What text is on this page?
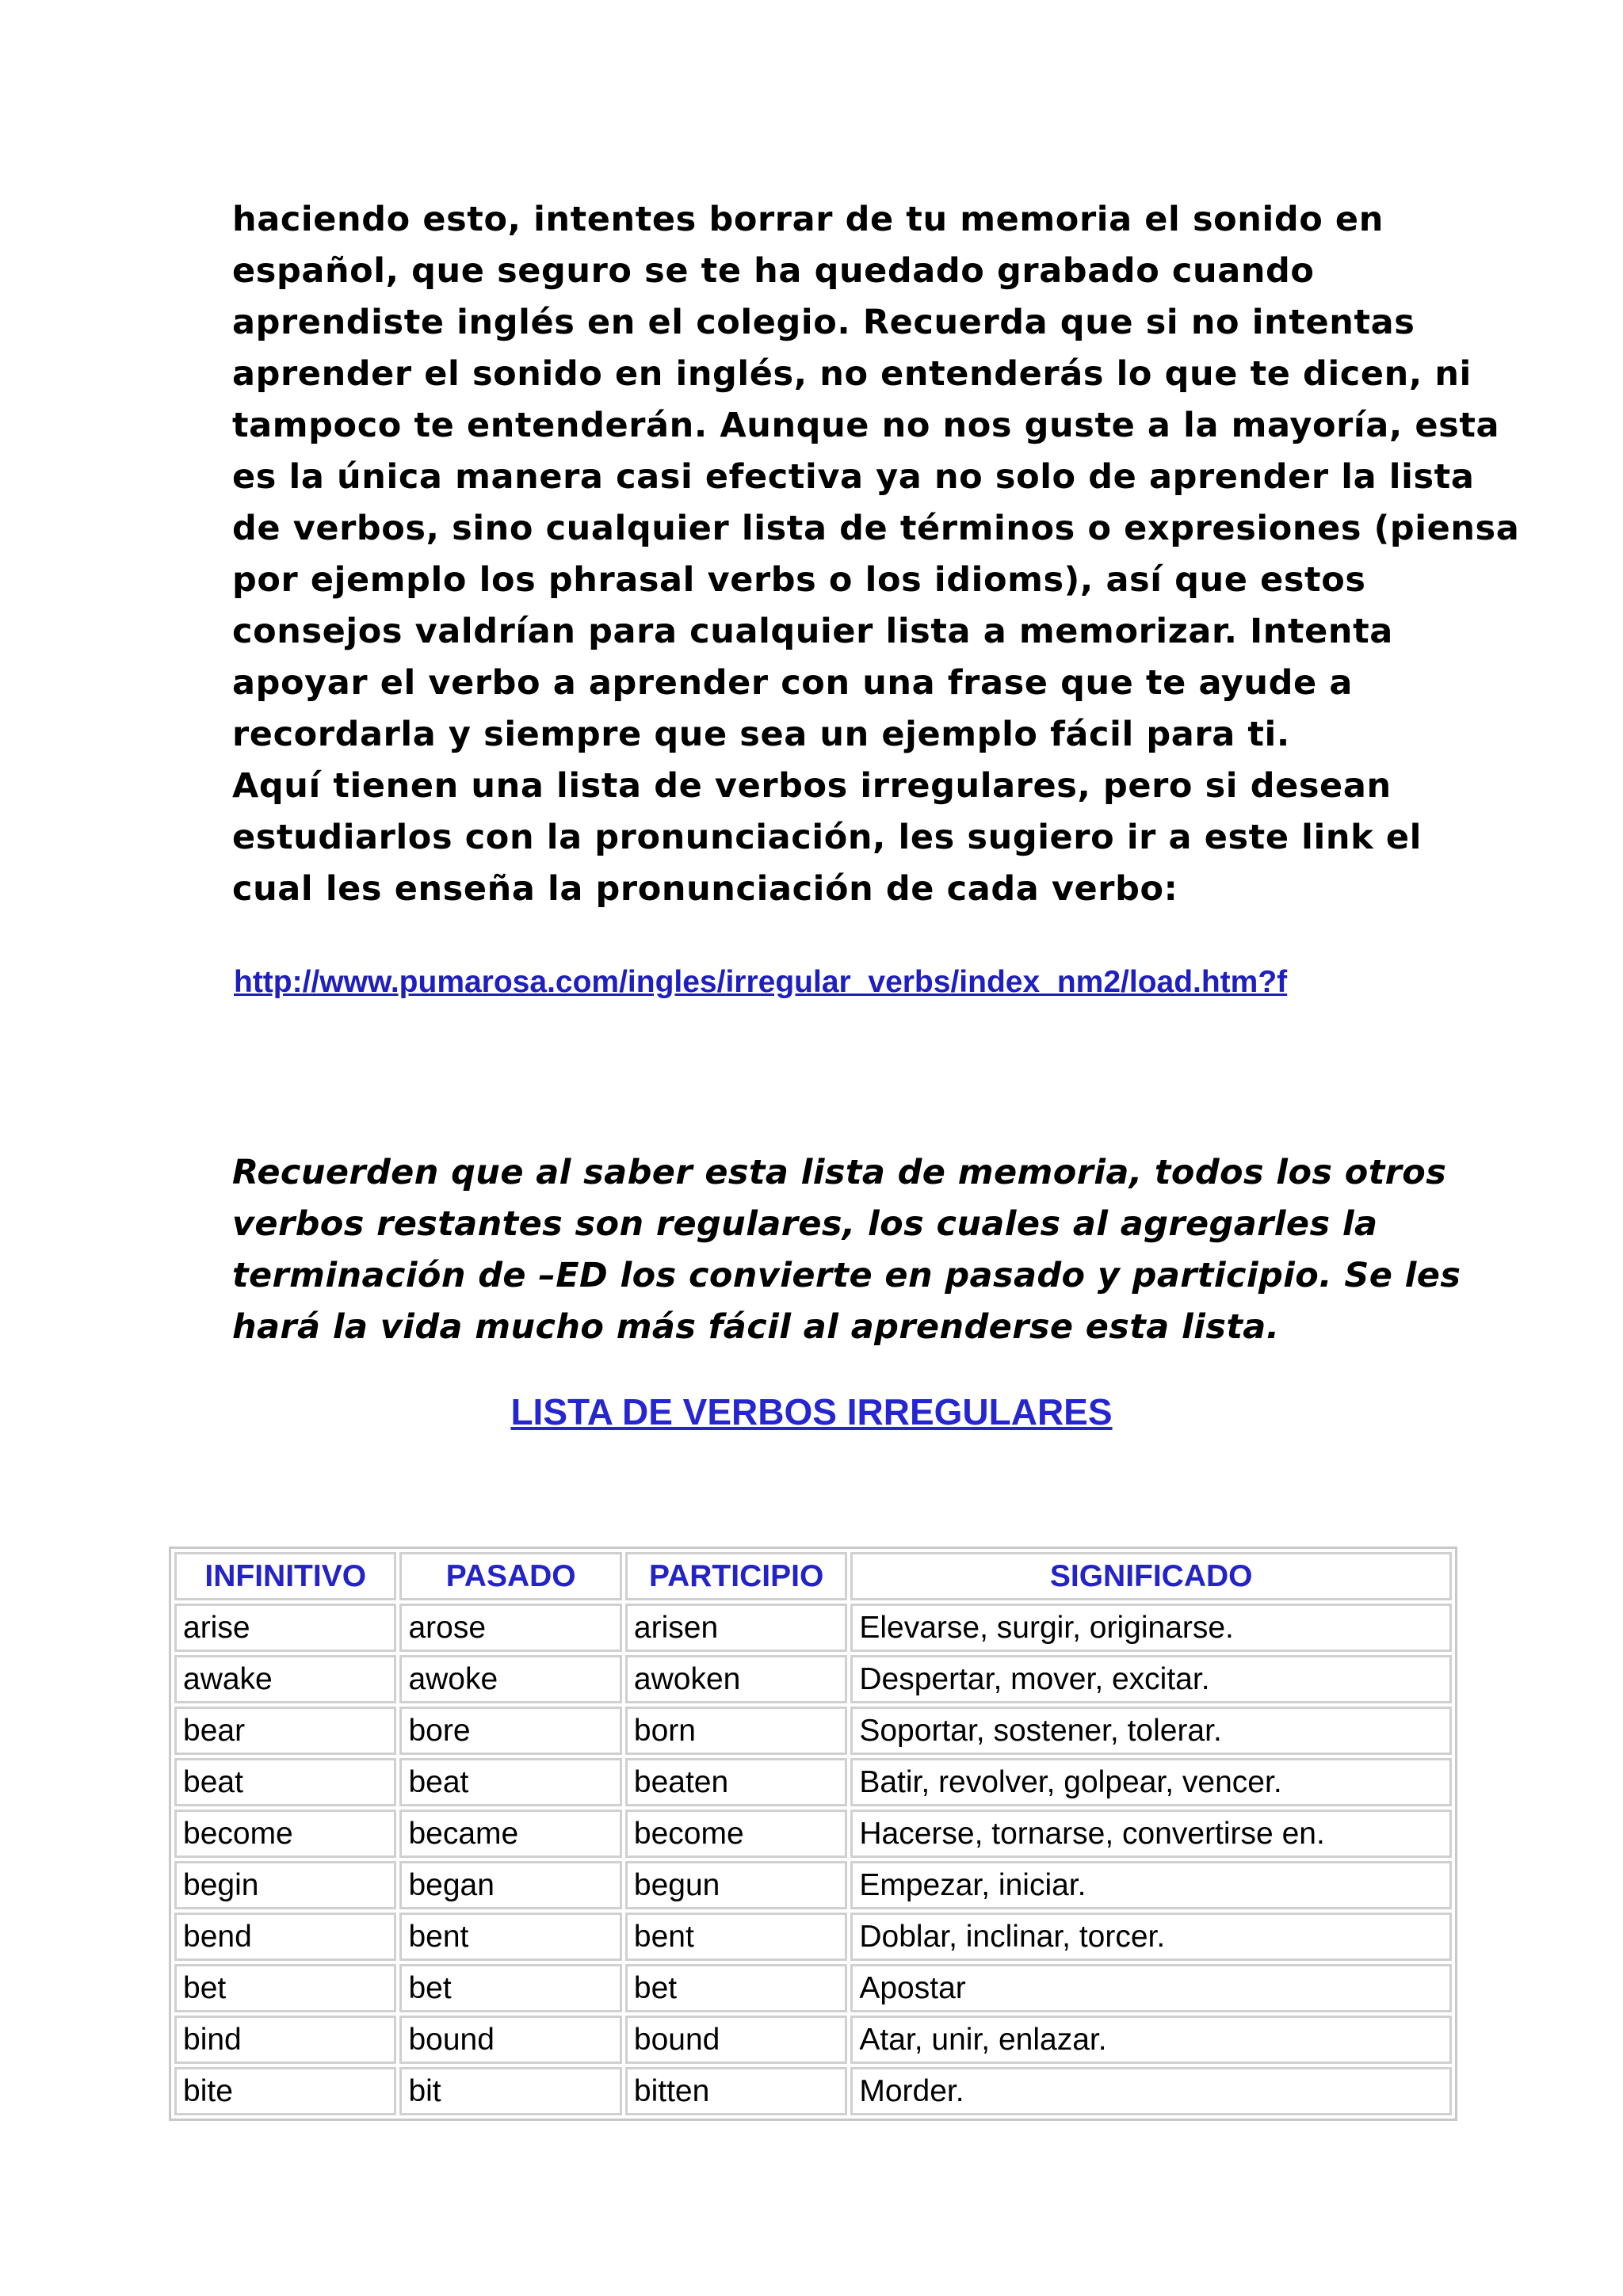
haciendo esto, intentes borrar de tu memoria el sonido en
español, que seguro se te ha quedado grabado cuando
aprendiste inglés en el colegio. Recuerda que si no intentas
aprender el sonido en inglés, no entenderás lo que te dicen, ni
tampoco te entenderán. Aunque no nos guste a la mayoría, esta
es la única manera casi efectiva ya no solo de aprender la lista
de verbos, sino cualquier lista de términos o expresiones (piensa
por ejemplo los phrasal verbs o los idioms), así que estos
consejos valdrían para cualquier lista a memorizar. Intenta
apoyar el verbo a aprender con una frase que te ayude a
recordarla y siempre que sea un ejemplo fácil para ti.
Aquí tienen una lista de verbos irregulares, pero si desean
estudiarlos con la pronunciación, les sugiero ir a este link el
cual les enseña la pronunciación de cada verbo:
http://www.pumarosa.com/ingles/irregular_verbs/index_nm2/load.htm?f
Recuerden que al saber esta lista de memoria, todos los otros
verbos restantes son regulares, los cuales al agregarles la
terminación de –ED los convierte en pasado y participio. Se les
hará la vida mucho más fácil al aprenderse esta lista.
LISTA DE VERBOS IRREGULARES
INFINITIVO	PASADO	PARTICIPIO	SIGNIFICADO
arise	arose	arisen	Elevarse, surgir, originarse.
awake	awoke	awoken	Despertar, mover, excitar.
bear	bore	born	Soportar, sostener, tolerar.
beat	beat	beaten	Batir, revolver, golpear, vencer.
become	became	become	Hacerse, tornarse, convertirse en.
begin	began	begun	Empezar, iniciar.
bend	bent	bent	Doblar, inclinar, torcer.
bet	bet	bet	Apostar
bind	bound	bound	Atar, unir, enlazar.
bite	bit	bitten	Morder.
